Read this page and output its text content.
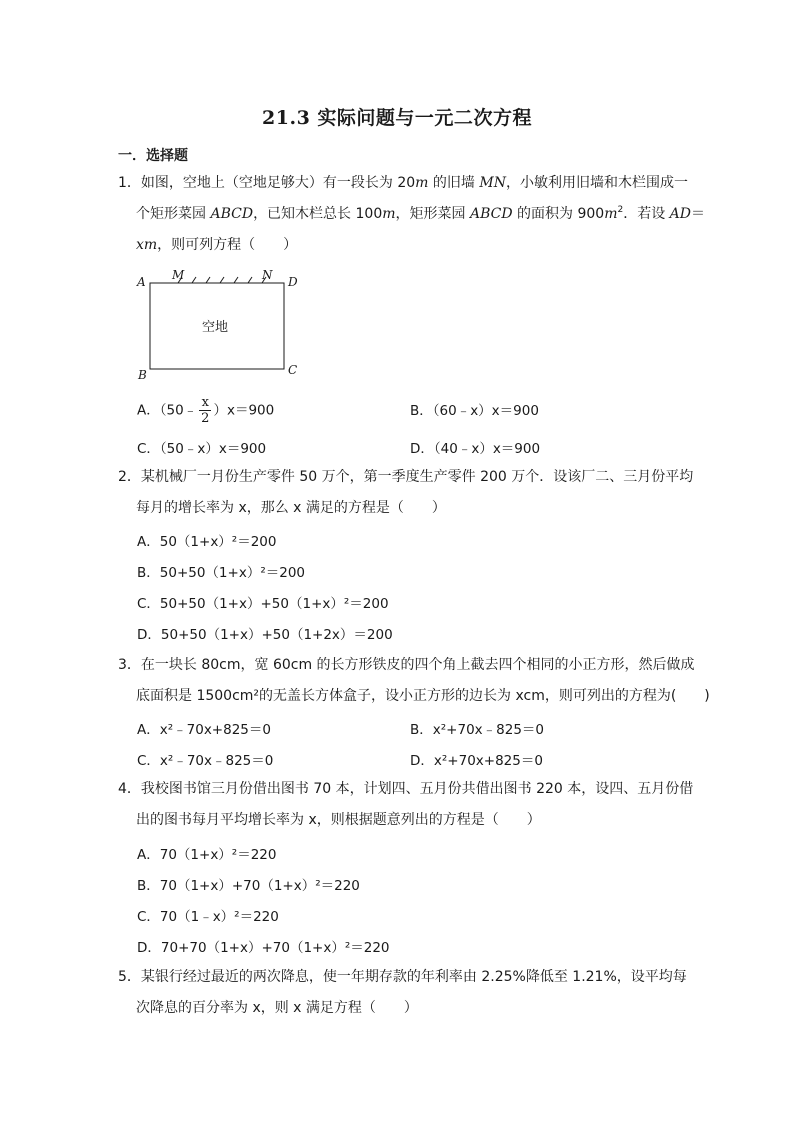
21.3 实际问题与一元二次方程
一．选择题
1．如图，空地上（空地足够大）有一段长为 20m 的旧墙 MN，小敏利用旧墙和木栏围成一
个矩形菜园 ABCD，已知木栏总长 100m，矩形菜园 ABCD 的面积为 $900m^2$．若设 AD＝
xm，则可列方程（　　）
A M	N D
B	C
空地
A．（50﹣ $\frac{x}{2} )x=900$	B．（60﹣x）x＝900
C．（50﹣x）x＝900	D．（40﹣x）x＝900
2．某机械厂一月份生产零件 50 万个，第一季度生产零件 200 万个．设该厂二、三月份平均
每月的增长率为 x，那么 x 满足的方程是（　　）
A．50（1+x）²＝200
B．50+50（1+x）²＝200
C．50+50（1+x）+50（1+x）²＝200
D．50+50（1+x）+50（1+2x）＝200
3．在一块长 80cm，宽 60cm 的长方形铁皮的四个角上截去四个相同的小正方形，然后做成
底面积是 1500cm²的无盖长方体盒子，设小正方形的边长为 xcm，则可列出的方程为(　　)
A．x²﹣70x+825＝0	B．x²+70x﹣825＝0
C．x²﹣70x﹣825＝0	D．x²+70x+825＝0
4．我校图书馆三月份借出图书 70 本，计划四、五月份共借出图书 220 本，设四、五月份借
出的图书每月平均增长率为 x，则根据题意列出的方程是（　　）
A．70（1+x）²＝220
B．70（1+x）+70（1+x）²＝220
C．70（1﹣x）²＝220
D．70+70（1+x）+70（1+x）²＝220
5．某银行经过最近的两次降息，使一年期存款的年利率由 2.25%降低至 1.21%，设平均每
次降息的百分率为 x，则 x 满足方程（　　）
